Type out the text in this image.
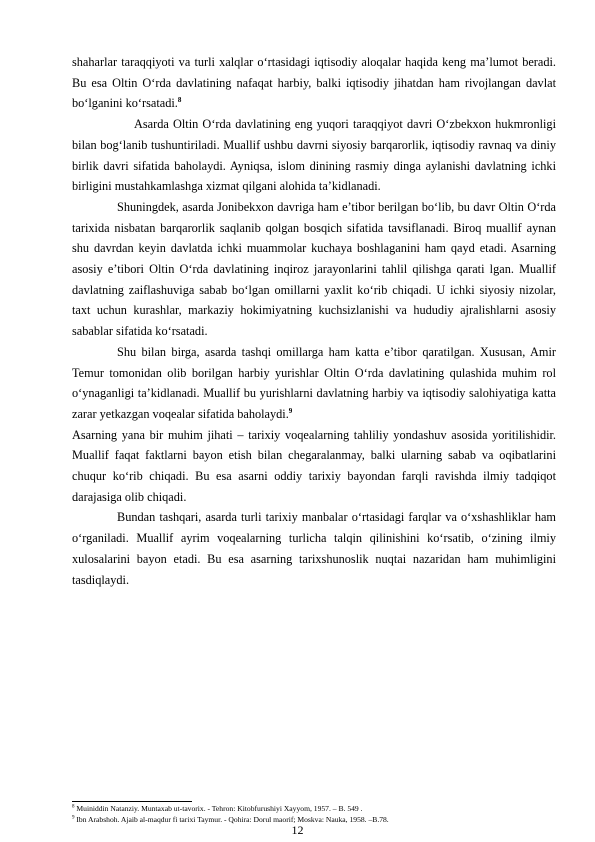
shaharlar taraqqiyoti va turli xalqlar o‘rtasidagi iqtisodiy aloqalar haqida keng ma’lumot beradi. Bu esa Oltin O‘rda davlatining nafaqat harbiy, balki iqtisodiy jihatdan ham rivojlangan davlat bo‘lganini ko‘rsatadi.$^8$

Asarda Oltin O‘rda davlatining eng yuqori taraqqiyot davri O‘zbekxon hukmronligi bilan bog‘lanib tushuntiriladi. Muallif ushbu davrni siyosiy barqarorlik, iqtisodiy ravnaq va diniy birlik davri sifatida baholaydi. Ayniqsa, islom dinining rasmiy dinga aylanishi davlatning ichki birligini mustahkamlashga xizmat qilgani alohida ta’kidlanadi.

Shuningdek, asarda Jonibekxon davriga ham e’tibor berilgan bo‘lib, bu davr Oltin O‘rda tarixida nisbatan barqarorlik saqlanib qolgan bosqich sifatida tavsiflanadi. Biroq muallif aynan shu davrdan keyin davlatda ichki muammolar kuchaya boshlaganini ham qayd etadi. Asarning asosiy e’tibori Oltin O‘rda davlatining inqiroz jarayonlarini tahlil qilishga qarati lgan. Muallif davlatning zaiflashuviga sabab bo‘lgan omillarni yaxlit ko‘rib chiqadi. U ichki siyosiy nizolar, taxt uchun kurashlar, markaziy hokimiyatning kuchsizlanishi va hududiy ajralishlarni asosiy sabablar sifatida ko‘rsatadi.

Shu bilan birga, asarda tashqi omillarga ham katta e’tibor qaratilgan. Xususan, Amir Temur tomonidan olib borilgan harbiy yurishlar Oltin O‘rda davlatining qulashida muhim rol o‘ynaganligi ta’kidlanadi. Muallif bu yurishlarni davlatning harbiy va iqtisodiy salohiyatiga katta zarar yetkazgan voqealar sifatida baholaydi.$^9$

Asarning yana bir muhim jihati – tarixiy voqealarning tahliliy yondashuv asosida yoritilishidir. Muallif faqat faktlarni bayon etish bilan chegaralanmay, balki ularning sabab va oqibatlarini chuqur ko‘rib chiqadi. Bu esa asarni oddiy tarixiy bayondan farqli ravishda ilmiy tadqiqot darajasiga olib chiqadi.

Bundan tashqari, asarda turli tarixiy manbalar o‘rtasidagi farqlar va o‘xshashliklar ham o‘rganiladi. Muallif ayrim voqealarning turlicha talqin qilinishini ko‘rsatib, o‘zining ilmiy xulosalarini bayon etadi. Bu esa asarning tarixshunoslik nuqtai nazaridan ham muhimligini tasdiqlaydi.

$^8$ Muiniddin Natanziy. Muntaxab ut-tavorix. - Tehron: Kitobfurushiyi Xayyom, 1957. – B. 549 .
$^9$ Ibn Arabshoh. Ajaib al-maqdur fi tarixi Taymur. - Qohira: Dorul maorif; Moskva: Nauka, 1958. –B.78.
12
